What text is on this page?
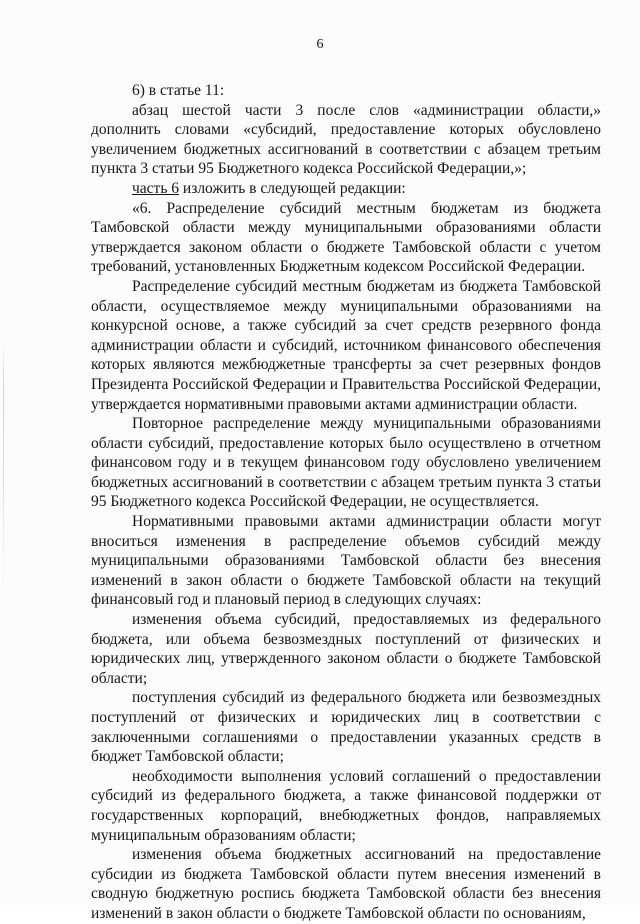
6

6) в статье 11:

абзац шестой части 3 после слов «администрации области,» дополнить словами «субсидий, предоставление которых обусловлено увеличением бюджетных ассигнований в соответствии с абзацем третьим пункта 3 статьи 95 Бюджетного кодекса Российской Федерации,»;

часть 6 изложить в следующей редакции:

«6. Распределение субсидий местным бюджетам из бюджета Тамбовской области между муниципальными образованиями области утверждается законом области о бюджете Тамбовской области с учетом требований, установленных Бюджетным кодексом Российской Федерации.

Распределение субсидий местным бюджетам из бюджета Тамбовской области, осуществляемое между муниципальными образованиями на конкурсной основе, а также субсидий за счет средств резервного фонда администрации области и субсидий, источником финансового обеспечения которых являются межбюджетные трансферты за счет резервных фондов Президента Российской Федерации и Правительства Российской Федерации, утверждается нормативными правовыми актами администрации области.

Повторное распределение между муниципальными образованиями области субсидий, предоставление которых было осуществлено в отчетном финансовом году и в текущем финансовом году обусловлено увеличением бюджетных ассигнований в соответствии с абзацем третьим пункта 3 статьи 95 Бюджетного кодекса Российской Федерации, не осуществляется.

Нормативными правовыми актами администрации области могут вноситься изменения в распределение объемов субсидий между муниципальными образованиями Тамбовской области без внесения изменений в закон области о бюджете Тамбовской области на текущий финансовый год и плановый период в следующих случаях:

изменения объема субсидий, предоставляемых из федерального бюджета, или объема безвозмездных поступлений от физических и юридических лиц, утвержденного законом области о бюджете Тамбовской области;

поступления субсидий из федерального бюджета или безвозмездных поступлений от физических и юридических лиц в соответствии с заключенными соглашениями о предоставлении указанных средств в бюджет Тамбовской области;

необходимости выполнения условий соглашений о предоставлении субсидий из федерального бюджета, а также финансовой поддержки от государственных корпораций, внебюджетных фондов, направляемых муниципальным образованиям области;

изменения объема бюджетных ассигнований на предоставление субсидии из бюджета Тамбовской области путем внесения изменений в сводную бюджетную роспись бюджета Тамбовской области без внесения изменений в закон области о бюджете Тамбовской области по основаниям,
